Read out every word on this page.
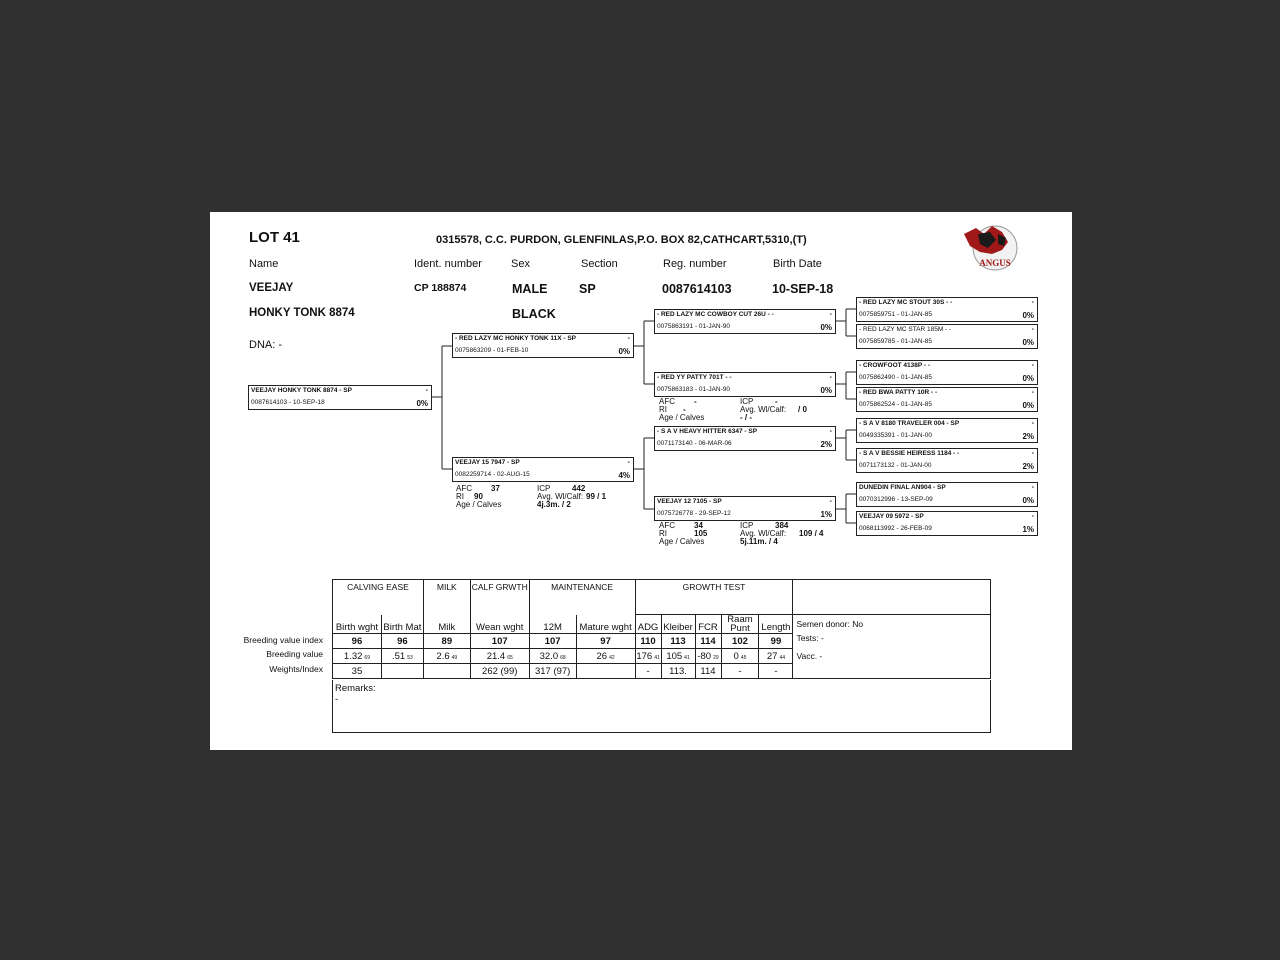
LOT 41	0315578, C.C. PURDON, GLENFINLAS,P.O. BOX 82,CATHCART,5310,(T)
ANGUS
Name	Ident. number	Sex	Section	Reg. number	Birth Date
VEEJAY
HONKY TONK 8874
CP 188874	MALE
BLACK
SP	0087614103	10-SEP-18
DNA: -
VEEJAY HONKY TONK 8874 - SP	-
0087614103 - 10-SEP-18	0%
- RED LAZY MC HONKY TONK 11X - SP	-
0075863209 - 01-FEB-10	0%
VEEJAY 15 7947 - SP	-
0082259714 - 02-AUG-15	4%
AFC 37
RI 90
Age / Calves
ICP	442
Avg. Wl/Calf: 99 / 1
4j.3m. / 2
- RED LAZY MC COWBOY CUT 26U - -	-
0075863191 - 01-JAN-90	0%
- RED YY PATTY 701T - -	-
0075863183 - 01-JAN-90	0%
AFC -
RI -
Age / Calves
ICP	-
Avg. Wl/Calf: / 0
- / -
- S A V HEAVY HITTER 6347 - SP	-
0071173140 - 06-MAR-06	2%
VEEJAY 12 7105 - SP	-
0075726778 - 29-SEP-12	1%
AFC 34
RI	105
Age / Calves
ICP	384
Avg. Wl/Calf: 109 / 4
5j.11m. / 4
- RED LAZY MC STOUT 30S - -	-
0075859751 - 01-JAN-85	0%
- RED LAZY MC STAR 185M - -	-
0075859785 - 01-JAN-85	0%
- CROWFOOT 4138P - -	-
0075862490 - 01-JAN-85	0%
- RED BWA PATTY 10R - -	-
0075862524 - 01-JAN-85	0%
- S A V 8180 TRAVELER 004 - SP	-
0049335391 - 01-JAN-00	2%
- S A V BESSIE HEIRESS 1184 - -	-
0071173132 - 01-JAN-00	2%
DUNEDIN FINAL AN904 - SP	-
0070312996 - 13-SEP-09	0%
VEEJAY 09 5972 - SP	-
0068113992 - 26-FEB-09	1%
Breeding value index
Breeding value
Weights/Index
CALVING EASE		MILK	CALF GRWTH	MAINTENANCE		GROWTH TEST					
Birth wght	Birth Mat	Milk	Wean wght	12M	Mature wght	ADG	Kleiber	FCR	Raam Punt	Length	Semen donor: No
Tests: -
Vacc. -

96	96	89	107	107	97	110	113	114	102	99	
1.32 69	.51 53	2.6 49	21.4 65	32.0 68	26 42	176 41	105 41	-80 29	0 45	27 44	
35			262 (99)	317 (97)		-	113.	114	-	-	
Remarks:
-
